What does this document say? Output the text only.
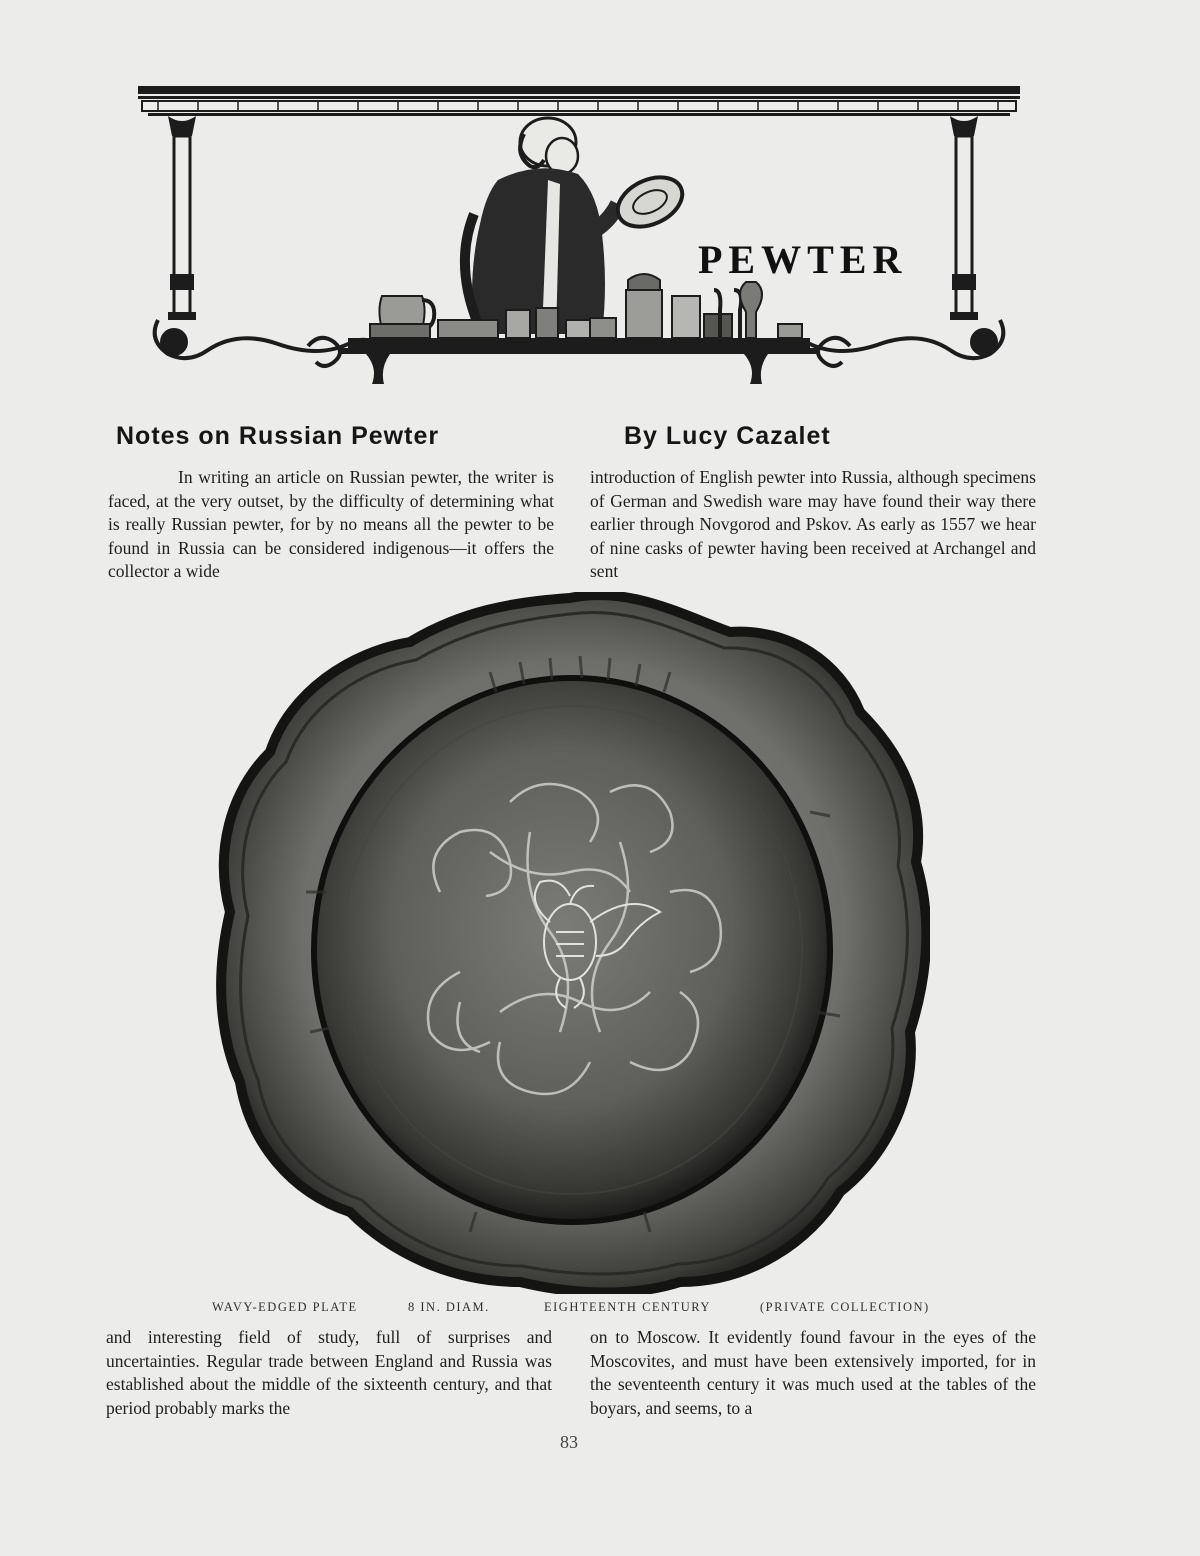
PEWTER
Notes on Russian Pewter	By Lucy Cazalet

In writing an article on Russian pewter, the writer is faced, at the very outset, by the difficulty of determining what is really Russian pewter, for by no means all the pewter to be found in Russia can be considered indigenous—it offers the collector a wide

introduction of English pewter into Russia, although specimens of German and Swedish ware may have found their way there earlier through Novgorod and Pskov. As early as 1557 we hear of nine casks of pewter having been received at Archangel and sent

WAVY-EDGED PLATE	8 IN. DIAM.	EIGHTEENTH CENTURY	(PRIVATE COLLECTION)

and interesting field of study, full of surprises and uncertainties. Regular trade between England and Russia was established about the middle of the sixteenth century, and that period probably marks the

on to Moscow. It evidently found favour in the eyes of the Moscovites, and must have been extensively imported, for in the seventeenth century it was much used at the tables of the boyars, and seems, to a

83
